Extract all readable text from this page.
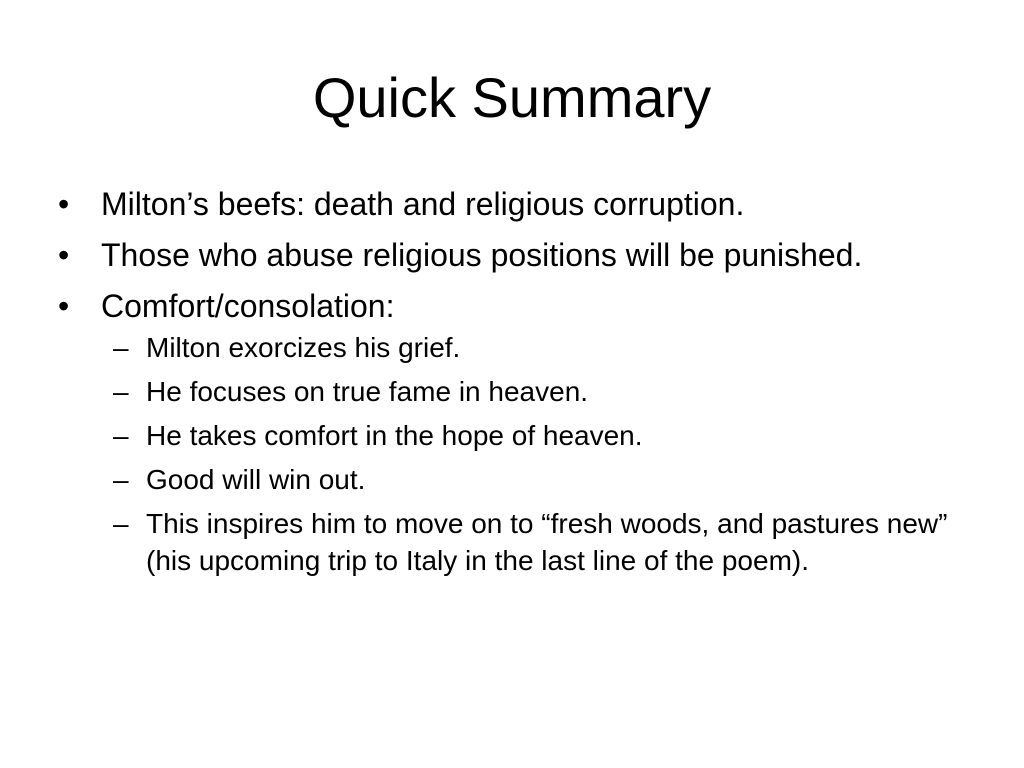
Quick Summary
• Milton’s beefs: death and religious corruption.
• Those who abuse religious positions will be punished.
• Comfort/consolation:
– Milton exorcizes his grief.
– He focuses on true fame in heaven.
– He takes comfort in the hope of heaven.
– Good will win out.
– This inspires him to move on to “fresh woods, and pastures new” (his upcoming trip to Italy in the last line of the poem).
